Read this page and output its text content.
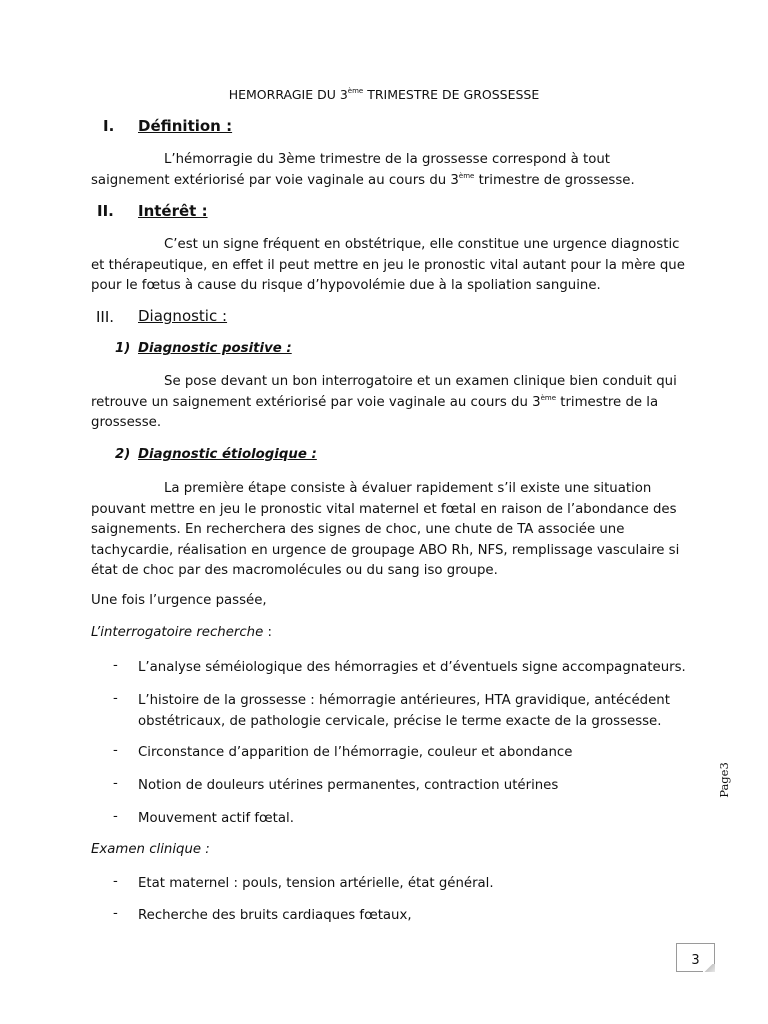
HEMORRAGIE DU 3ème TRIMESTRE DE GROSSESSE
I. Définition :
L’hémorragie du 3ème trimestre de la grossesse correspond à tout saignement extériorisé par voie vaginale au cours du 3ème trimestre de grossesse.
II. Intérêt :
C’est un signe fréquent en obstétrique, elle constitue une urgence diagnostic et thérapeutique, en effet il peut mettre en jeu le pronostic vital autant pour la mère que pour le fœtus à cause du risque d’hypovolémie due à la spoliation sanguine.
III. Diagnostic :
1) Diagnostic positive :
Se pose devant un bon interrogatoire et un examen clinique bien conduit qui retrouve un saignement extériorisé par voie vaginale au cours du 3ème trimestre de la grossesse.
2) Diagnostic étiologique :
La première étape consiste à évaluer rapidement s’il existe une situation pouvant mettre en jeu le pronostic vital maternel et fœtal en raison de l’abondance des saignements. En recherchera des signes de choc, une chute de TA associée une tachycardie, réalisation en urgence de groupage ABO Rh, NFS, remplissage vasculaire si état de choc par des macromolécules ou du sang iso groupe.
Une fois l’urgence passée,
L’interrogatoire recherche :
- L’analyse séméiologique des hémorragies et d’éventuels signe accompagnateurs.
- L’histoire de la grossesse : hémorragie antérieures, HTA gravidique, antécédent obstétricaux, de pathologie cervicale, précise le terme exacte de la grossesse.
- Circonstance d’apparition de l’hémorragie, couleur et abondance
- Notion de douleurs utérines permanentes, contraction utérines
- Mouvement actif fœtal.
Examen clinique :
- Etat maternel : pouls, tension artérielle, état général.
- Recherche des bruits cardiaques fœtaux,
Page3
3
